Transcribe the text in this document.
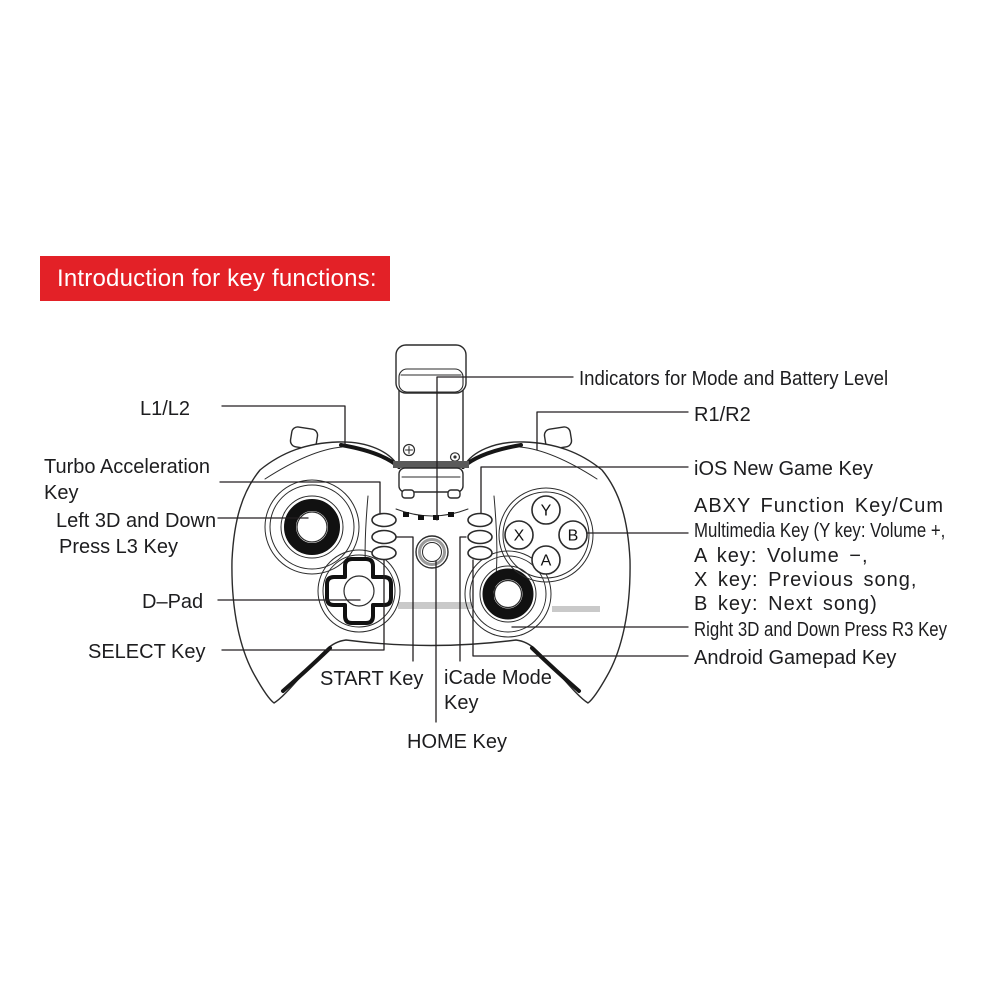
Introduction for key functions:
Y
X	B
A
L1/L2
Turbo Acceleration
Key
Left 3D and Down
Press L3 Key
D–Pad
SELECT Key
START Key iCade Mode
Key
HOME Key
Indicators for Mode and Battery Level
R1/R2
iOS New Game Key
ABXY Function Key/Cum
Multimedia Key (Y key: Volume +,
A key: Volume −,
X key: Previous song,
B key: Next song)
Right 3D and Down Press R3 Key
Android Gamepad Key
